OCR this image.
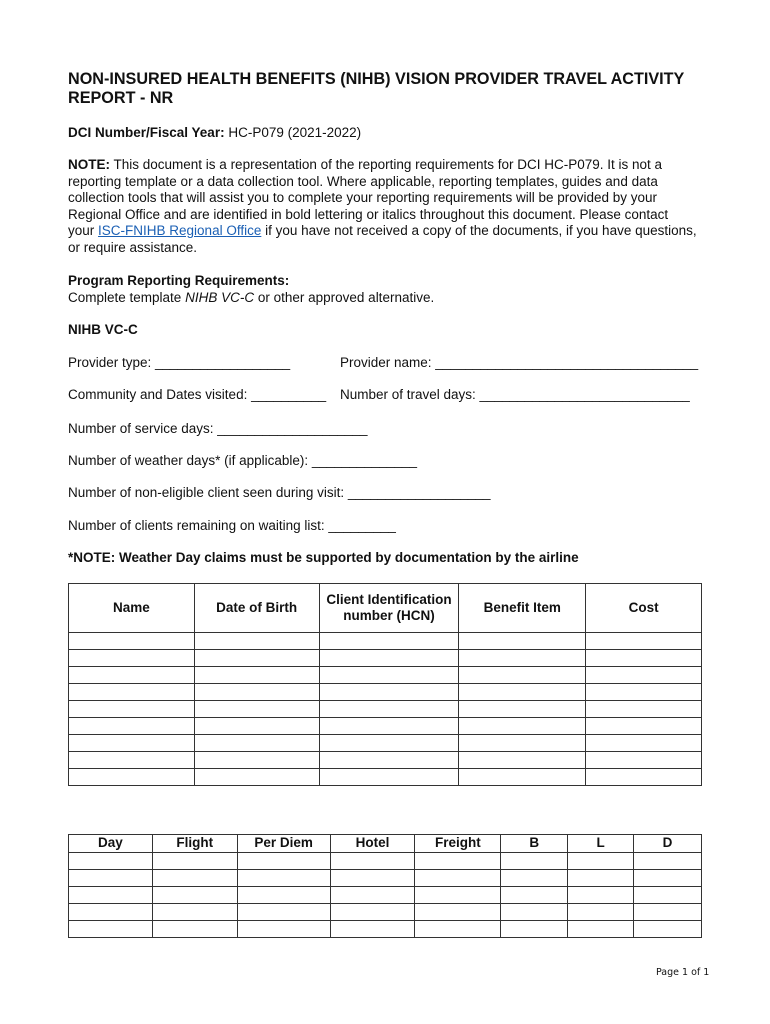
NON-INSURED HEALTH BENEFITS (NIHB) VISION PROVIDER TRAVEL ACTIVITY REPORT - NR
DCI Number/Fiscal Year: HC-P079 (2021-2022)
NOTE: This document is a representation of the reporting requirements for DCI HC-P079. It is not a reporting template or a data collection tool. Where applicable, reporting templates, guides and data collection tools that will assist you to complete your reporting requirements will be provided by your Regional Office and are identified in bold lettering or italics throughout this document. Please contact your ISC-FNIHB Regional Office if you have not received a copy of the documents, if you have questions, or require assistance.
Program Reporting Requirements:
Complete template NIHB VC-C or other approved alternative.
NIHB VC-C
Provider type: __________________	Provider name: ___________________________________
Community and Dates visited: __________ Number of travel days: ____________________________
Number of service days: ____________________
Number of weather days* (if applicable): ______________
Number of non-eligible client seen during visit: ___________________
Number of clients remaining on waiting list: _________
*NOTE: Weather Day claims must be supported by documentation by the airline
Name	Date of Birth	Client Identification number (HCN)	Benefit Item	Cost

Day	Flight	Per Diem	Hotel	Freight	B	L	D

Page 1 of 1
